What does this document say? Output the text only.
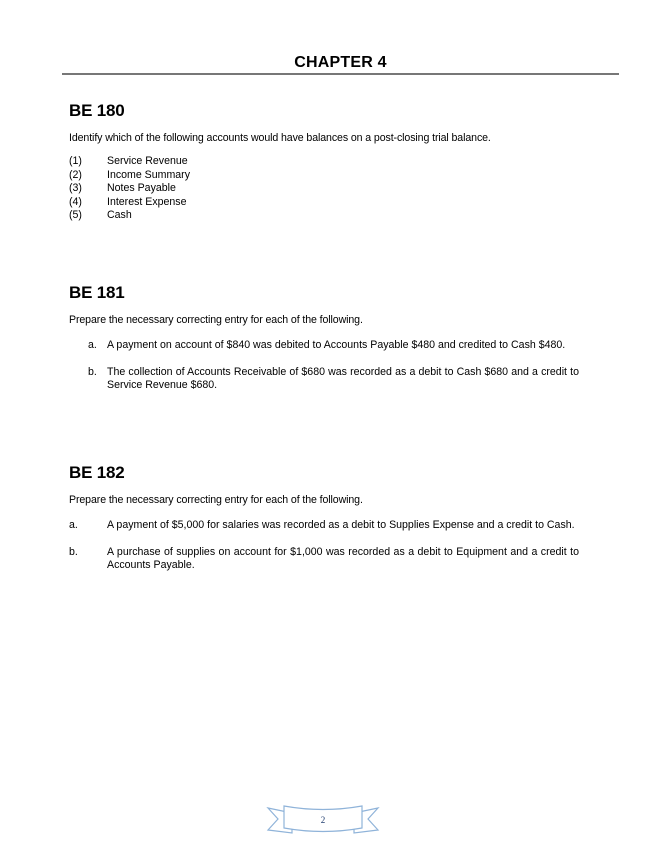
CHAPTER 4
BE 180
Identify which of the following accounts would have balances on a post-closing trial balance.
(1)	Service Revenue
(2)	Income Summary
(3)	Notes Payable
(4)	Interest Expense
(5)	Cash
BE 181
Prepare the necessary correcting entry for each of the following.
a. A payment on account of $840 was debited to Accounts Payable $480 and credited to Cash $480.
b. The collection of Accounts Receivable of $680 was recorded as a debit to Cash $680 and a credit to Service Revenue $680.
BE 182
Prepare the necessary correcting entry for each of the following.
a.	A payment of $5,000 for salaries was recorded as a debit to Supplies Expense and a credit to Cash.
b.	A purchase of supplies on account for $1,000 was recorded as a debit to Equipment and a credit to Accounts Payable.
2
